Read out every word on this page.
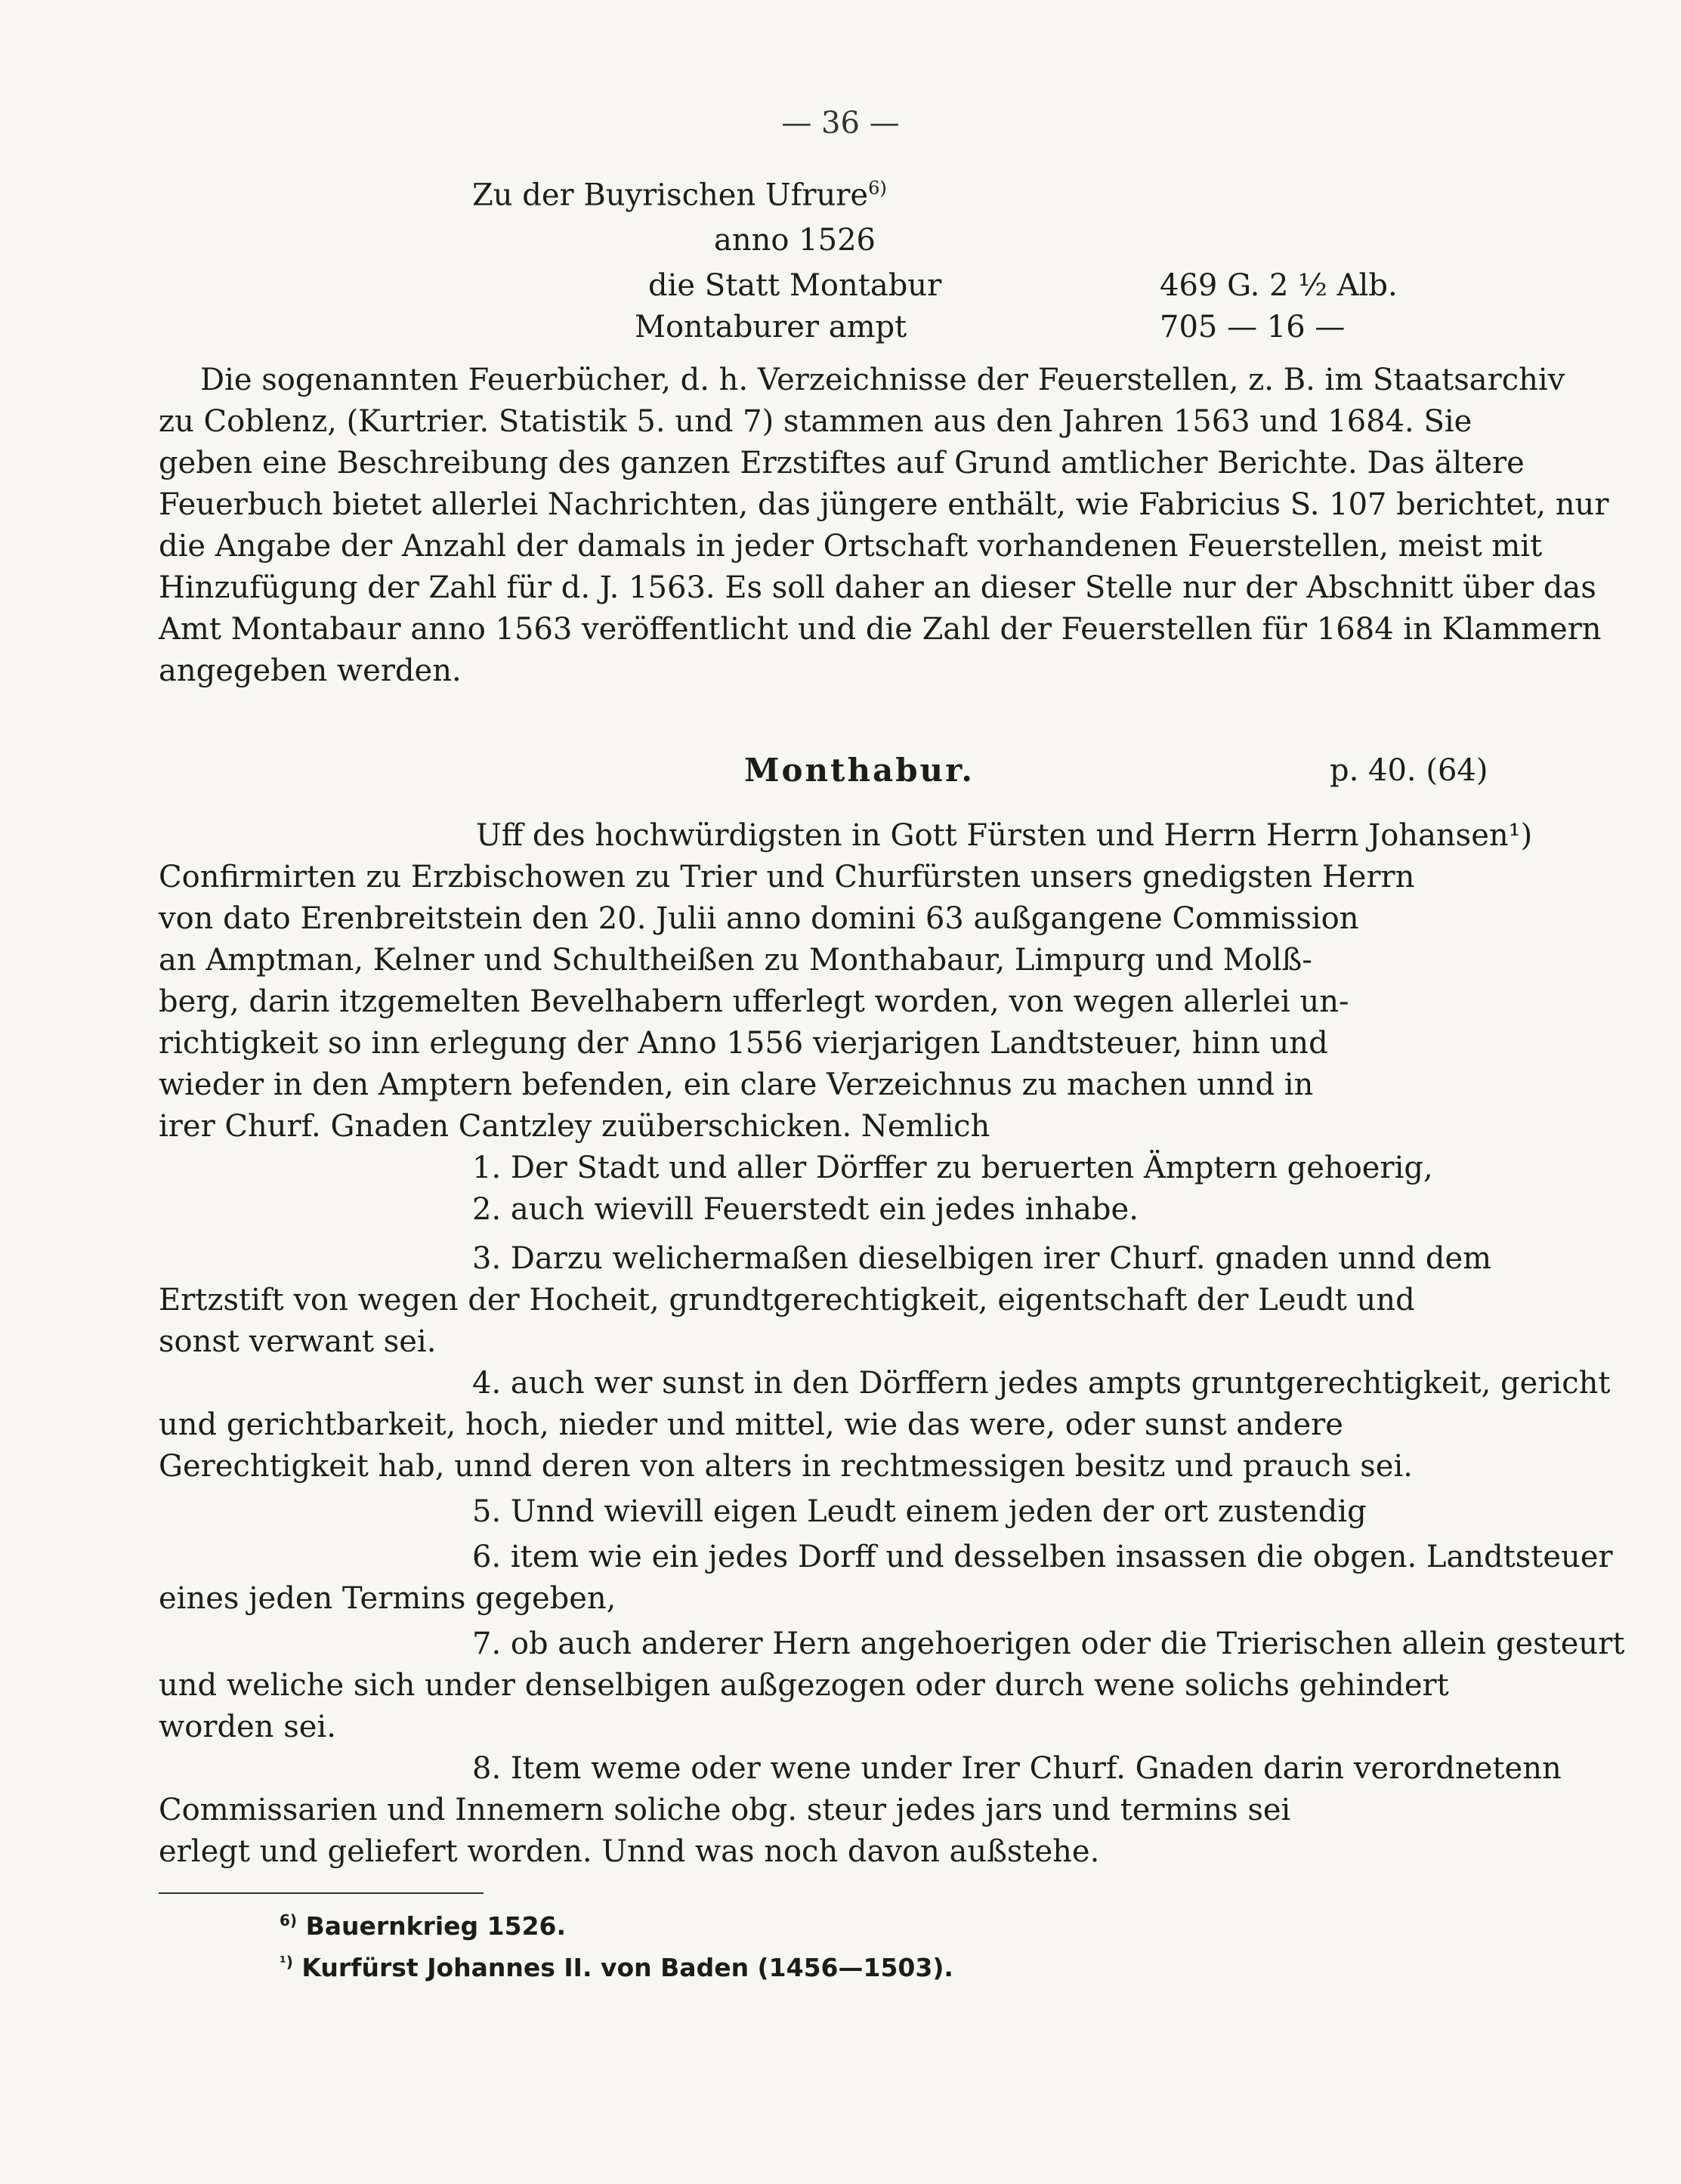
— 36 —
Zu der Buyrischen Ufrure$^{6)}$
anno 1526
die Statt Montabur	469 G. 2 ½ Alb.
Montaburer ampt	705 — 16 —
Die sogenannten Feuerbücher, d. h. Verzeichnisse der Feuerstellen, z. B. im Staatsarchiv
zu Coblenz, (Kurtrier. Statistik 5. und 7) stammen aus den Jahren 1563 und 1684. Sie
geben eine Beschreibung des ganzen Erzstiftes auf Grund amtlicher Berichte. Das ältere
Feuerbuch bietet allerlei Nachrichten, das jüngere enthält, wie Fabricius S. 107 berichtet, nur
die Angabe der Anzahl der damals in jeder Ortschaft vorhandenen Feuerstellen, meist mit
Hinzufügung der Zahl für d. J. 1563. Es soll daher an dieser Stelle nur der Abschnitt über das
Amt Montabaur anno 1563 veröffentlicht und die Zahl der Feuerstellen für 1684 in Klammern
angegeben werden.
Monthabur.	p. 40. (64)
Uff des hochwürdigsten in Gott Fürsten und Herrn Herrn Johansen¹)
Confirmirten zu Erzbischowen zu Trier und Churfürsten unsers gnedigsten Herrn
von dato Erenbreitstein den 20. Julii anno domini 63 außgangene Commission
an Amptman, Kelner und Schultheißen zu Monthabaur, Limpurg und Molß-
berg, darin itzgemelten Bevelhabern ufferlegt worden, von wegen allerlei un-
richtigkeit so inn erlegung der Anno 1556 vierjarigen Landtsteuer, hinn und
wieder in den Amptern befenden, ein clare Verzeichnus zu machen unnd in
irer Churf. Gnaden Cantzley zuüberschicken. Nemlich
1. Der Stadt und aller Dörffer zu beruerten Ämptern gehoerig,
2. auch wievill Feuerstedt ein jedes inhabe.
3. Darzu welichermaßen dieselbigen irer Churf. gnaden unnd dem
Ertzstift von wegen der Hocheit, grundtgerechtigkeit, eigentschaft der Leudt und
sonst verwant sei.
4. auch wer sunst in den Dörffern jedes ampts gruntgerechtigkeit, gericht
und gerichtbarkeit, hoch, nieder und mittel, wie das were, oder sunst andere
Gerechtigkeit hab, unnd deren von alters in rechtmessigen besitz und prauch sei.
5. Unnd wievill eigen Leudt einem jeden der ort zustendig
6. item wie ein jedes Dorff und desselben insassen die obgen. Landtsteuer
eines jeden Termins gegeben,
7. ob auch anderer Hern angehoerigen oder die Trierischen allein gesteurt
und weliche sich under denselbigen außgezogen oder durch wene solichs gehindert
worden sei.
8. Item weme oder wene under Irer Churf. Gnaden darin verordnetenn
Commissarien und Innemern soliche obg. steur jedes jars und termins sei
erlegt und geliefert worden. Unnd was noch davon außstehe.
$^{6)}$ Bauernkrieg 1526.
$^{^1)}$ Kurfürst Johannes II. von Baden (1456—1503).
